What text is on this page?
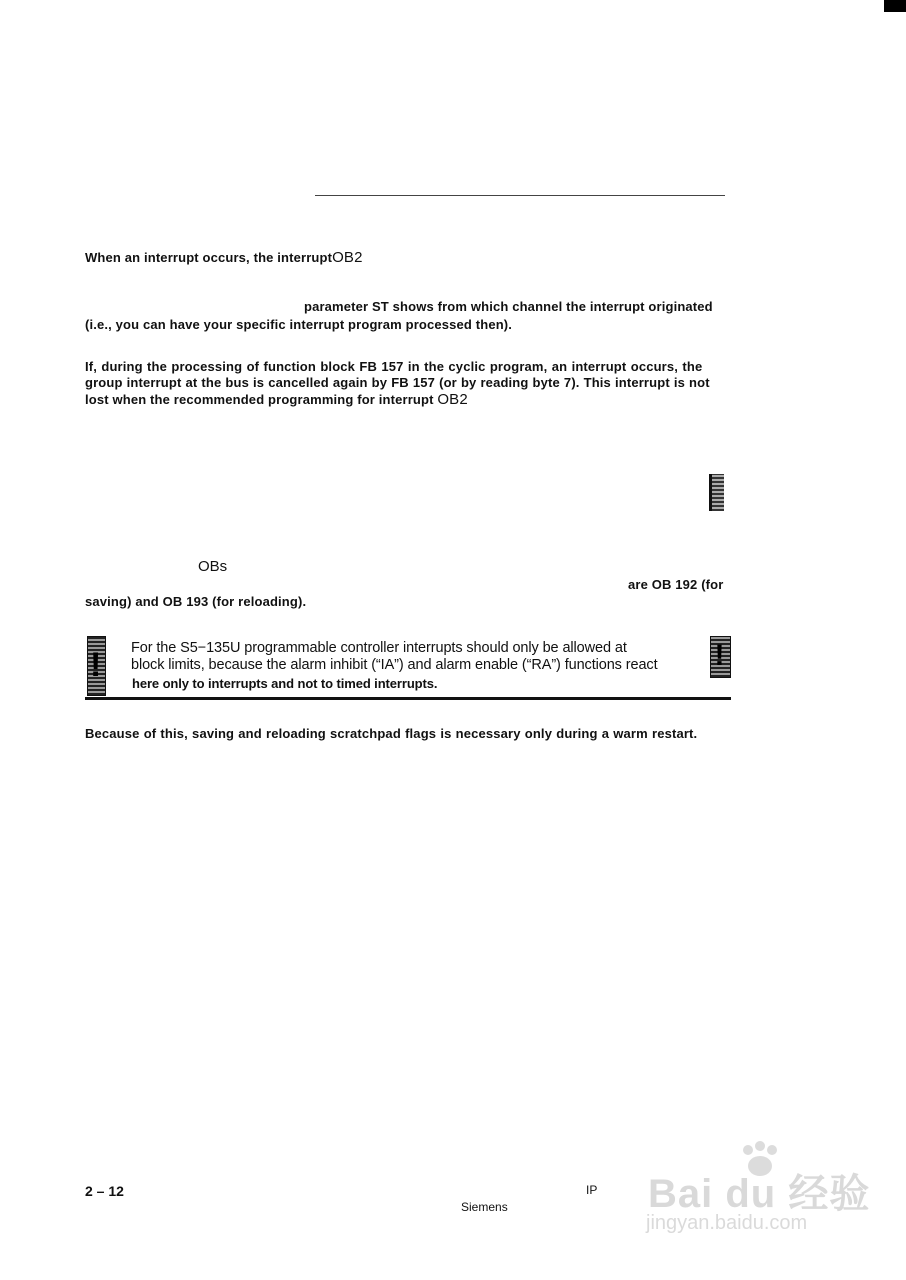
When an interrupt occurs, the interruptOB2
parameter ST shows from which channel the interrupt originated
(i.e., you can have your specific interrupt program processed then).
If, during the processing of function block FB 157 in the cyclic program, an interrupt occurs, the
group interrupt at the bus is cancelled again by FB 157 (or by reading byte 7). This interrupt is not
lost when the recommended programming for interrupt OB2
OBs
are OB 192 (for
saving) and OB 193 (for reloading).
!	!
For the S5−135U programmable controller interrupts should only be allowed at
block limits, because the alarm inhibit (“IA”) and alarm enable (“RA”) functions react
here only to interrupts and not to timed interrupts.
Because of this, saving and reloading scratchpad flags is necessary only during a warm restart.
2 – 12	IP
Siemens	Bai du 经验
jingyan.baidu.com
